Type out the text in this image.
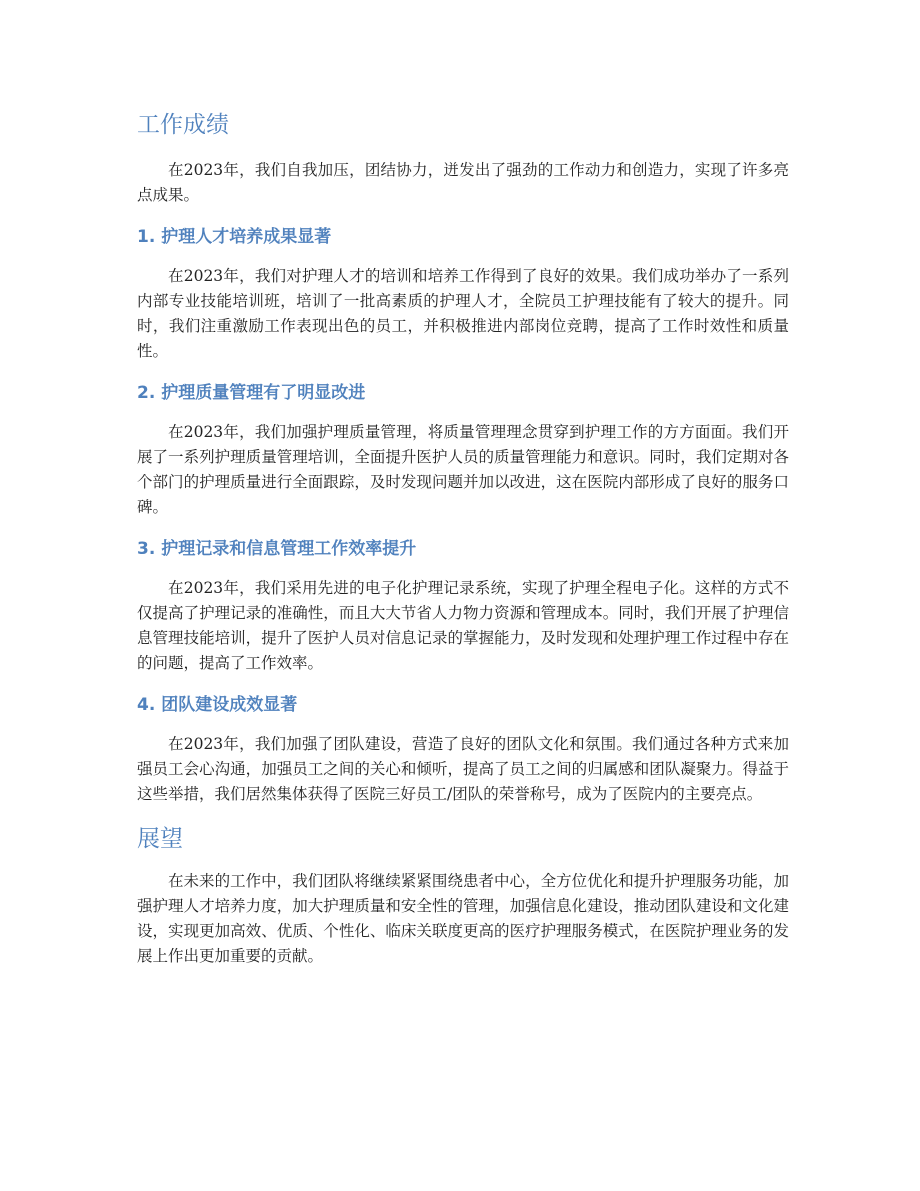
工作成绩

在2023年，我们自我加压，团结协力，迸发出了强劲的工作动力和创造力，实现了许多亮点成果。

1. 护理人才培养成果显著

在2023年，我们对护理人才的培训和培养工作得到了良好的效果。我们成功举办了一系列内部专业技能培训班，培训了一批高素质的护理人才，全院员工护理技能有了较大的提升。同时，我们注重激励工作表现出色的员工，并积极推进内部岗位竞聘，提高了工作时效性和质量性。

2. 护理质量管理有了明显改进

在2023年，我们加强护理质量管理，将质量管理理念贯穿到护理工作的方方面面。我们开展了一系列护理质量管理培训，全面提升医护人员的质量管理能力和意识。同时，我们定期对各个部门的护理质量进行全面跟踪，及时发现问题并加以改进，这在医院内部形成了良好的服务口碑。

3. 护理记录和信息管理工作效率提升

在2023年，我们采用先进的电子化护理记录系统，实现了护理全程电子化。这样的方式不仅提高了护理记录的准确性，而且大大节省人力物力资源和管理成本。同时，我们开展了护理信息管理技能培训，提升了医护人员对信息记录的掌握能力，及时发现和处理护理工作过程中存在的问题，提高了工作效率。

4. 团队建设成效显著

在2023年，我们加强了团队建设，营造了良好的团队文化和氛围。我们通过各种方式来加强员工会心沟通，加强员工之间的关心和倾听，提高了员工之间的归属感和团队凝聚力。得益于这些举措，我们居然集体获得了医院三好员工/团队的荣誉称号，成为了医院内的主要亮点。

展望

在未来的工作中，我们团队将继续紧紧围绕患者中心，全方位优化和提升护理服务功能，加强护理人才培养力度，加大护理质量和安全性的管理，加强信息化建设，推动团队建设和文化建设，实现更加高效、优质、个性化、临床关联度更高的医疗护理服务模式，在医院护理业务的发展上作出更加重要的贡献。
